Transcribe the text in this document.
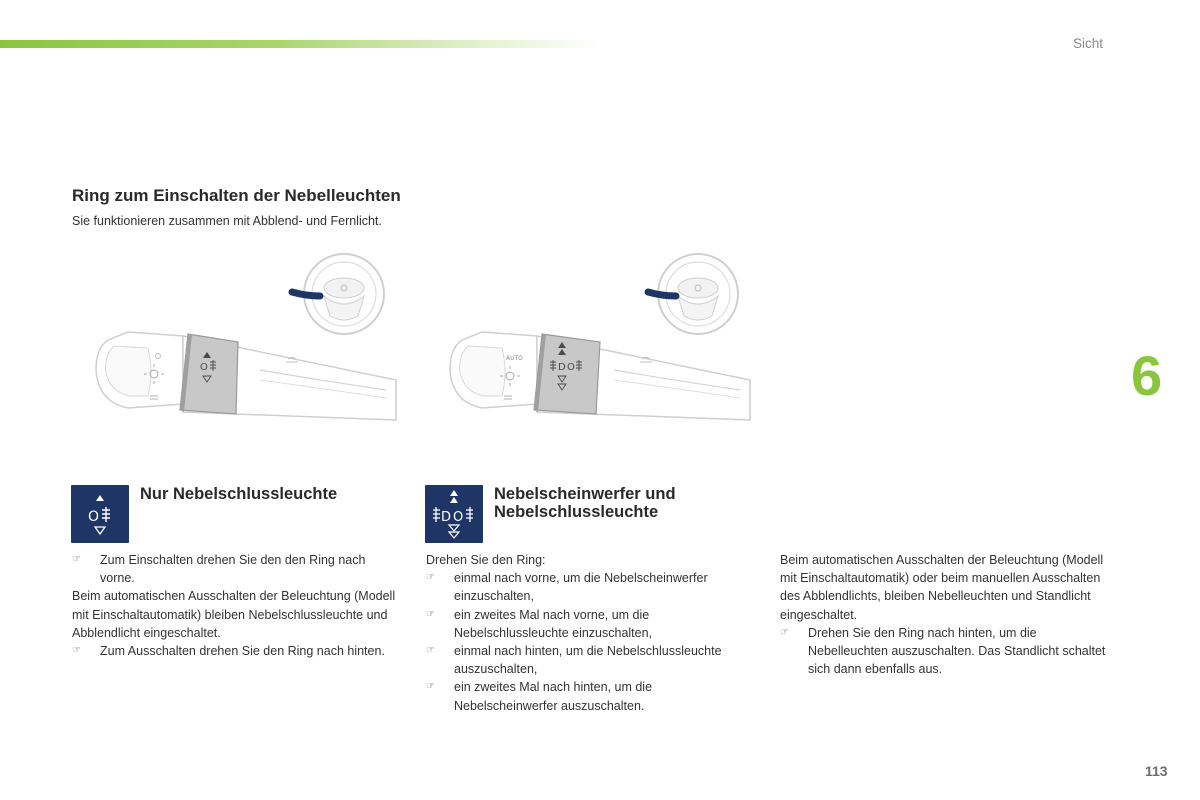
Sicht
6
113
Ring zum Einschalten der Nebelleuchten

Sie funktionieren zusammen mit Abblend- und Fernlicht.

O	D O
AUTO
O
Nur Nebelschlussleuchte
D O
Nebelscheinwerfer und
Nebelschlussleuchte

☞ Zum Einschalten drehen Sie den den Ring nach vorne.

Beim automatischen Ausschalten der Beleuchtung (Modell mit Einschaltautomatik) bleiben Nebelschlussleuchte und Abblendlicht eingeschaltet.

☞ Zum Ausschalten drehen Sie den Ring nach hinten.

Drehen Sie den Ring:

☞ einmal nach vorne, um die Nebelscheinwerfer einzuschalten,

☞ ein zweites Mal nach vorne, um die Nebelschlussleuchte einzuschalten,

☞ einmal nach hinten, um die Nebelschlussleuchte auszuschalten,

☞ ein zweites Mal nach hinten, um die Nebelscheinwerfer auszuschalten.

Beim automatischen Ausschalten der Beleuchtung (Modell mit Einschaltautomatik) oder beim manuellen Ausschalten des Abblendlichts, bleiben Nebelleuchten und Standlicht eingeschaltet.

☞ Drehen Sie den Ring nach hinten, um die Nebelleuchten auszuschalten. Das Standlicht schaltet sich dann ebenfalls aus.
